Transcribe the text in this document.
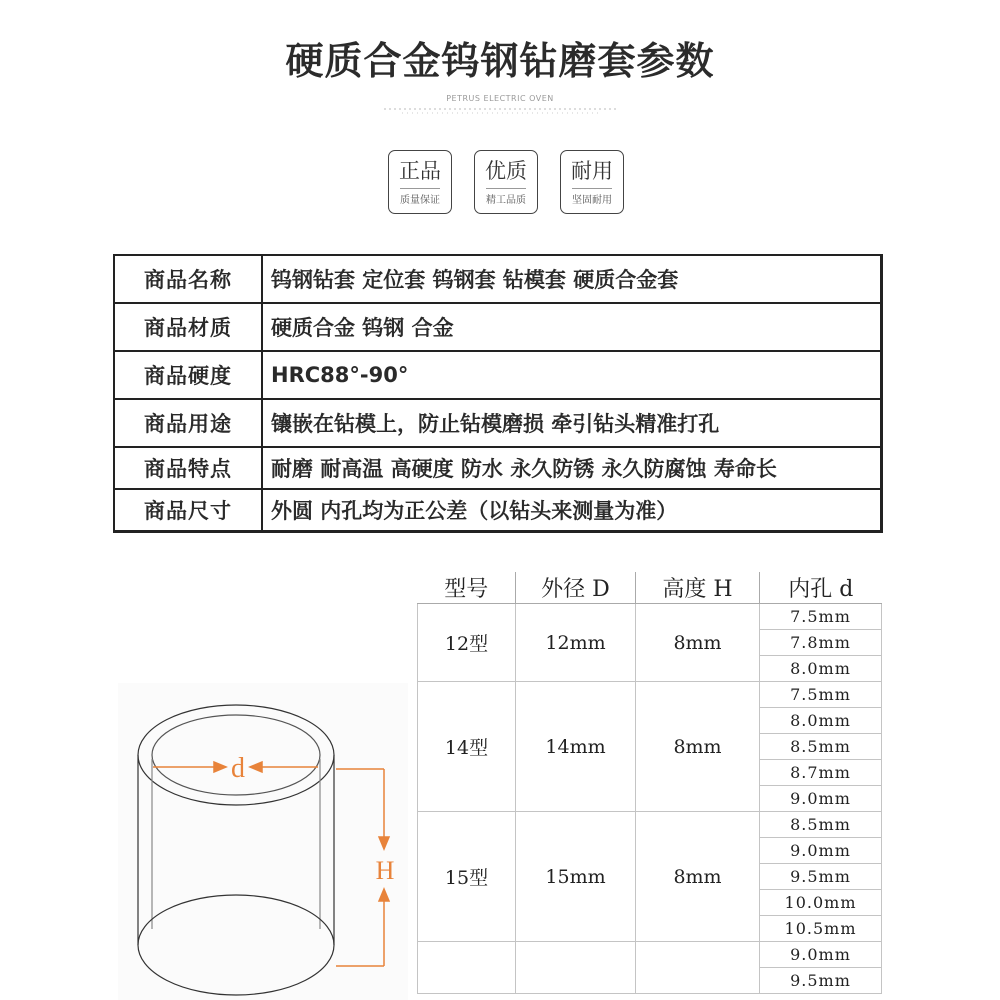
硬质合金钨钢钻磨套参数
PETRUS ELECTRIC OVEN
正品
质量保证
优质
精工品质
耐用
坚固耐用
商品名称	钨钢钻套 定位套 钨钢套 钻模套 硬质合金套
商品材质	硬质合金 钨钢 合金
商品硬度	HRC88°-90°
商品用途	镶嵌在钻模上，防止钻模磨损 牵引钻头精准打孔
商品特点	耐磨 耐高温 高硬度 防水 永久防锈 永久防腐蚀 寿命长
商品尺寸	外圆 内孔均为正公差（以钻头来测量为准）
型号	外径 D	高度 H	内孔 d
12型	12mm	8mm	7.5mm
			7.8mm
			8.0mm
14型	14mm	8mm	7.5mm
			8.0mm
			8.5mm
			8.7mm
			9.0mm
15型	15mm	8mm	8.5mm
			9.0mm
			9.5mm
			10.0mm
			10.5mm
			9.0mm
			9.5mm
d
H
